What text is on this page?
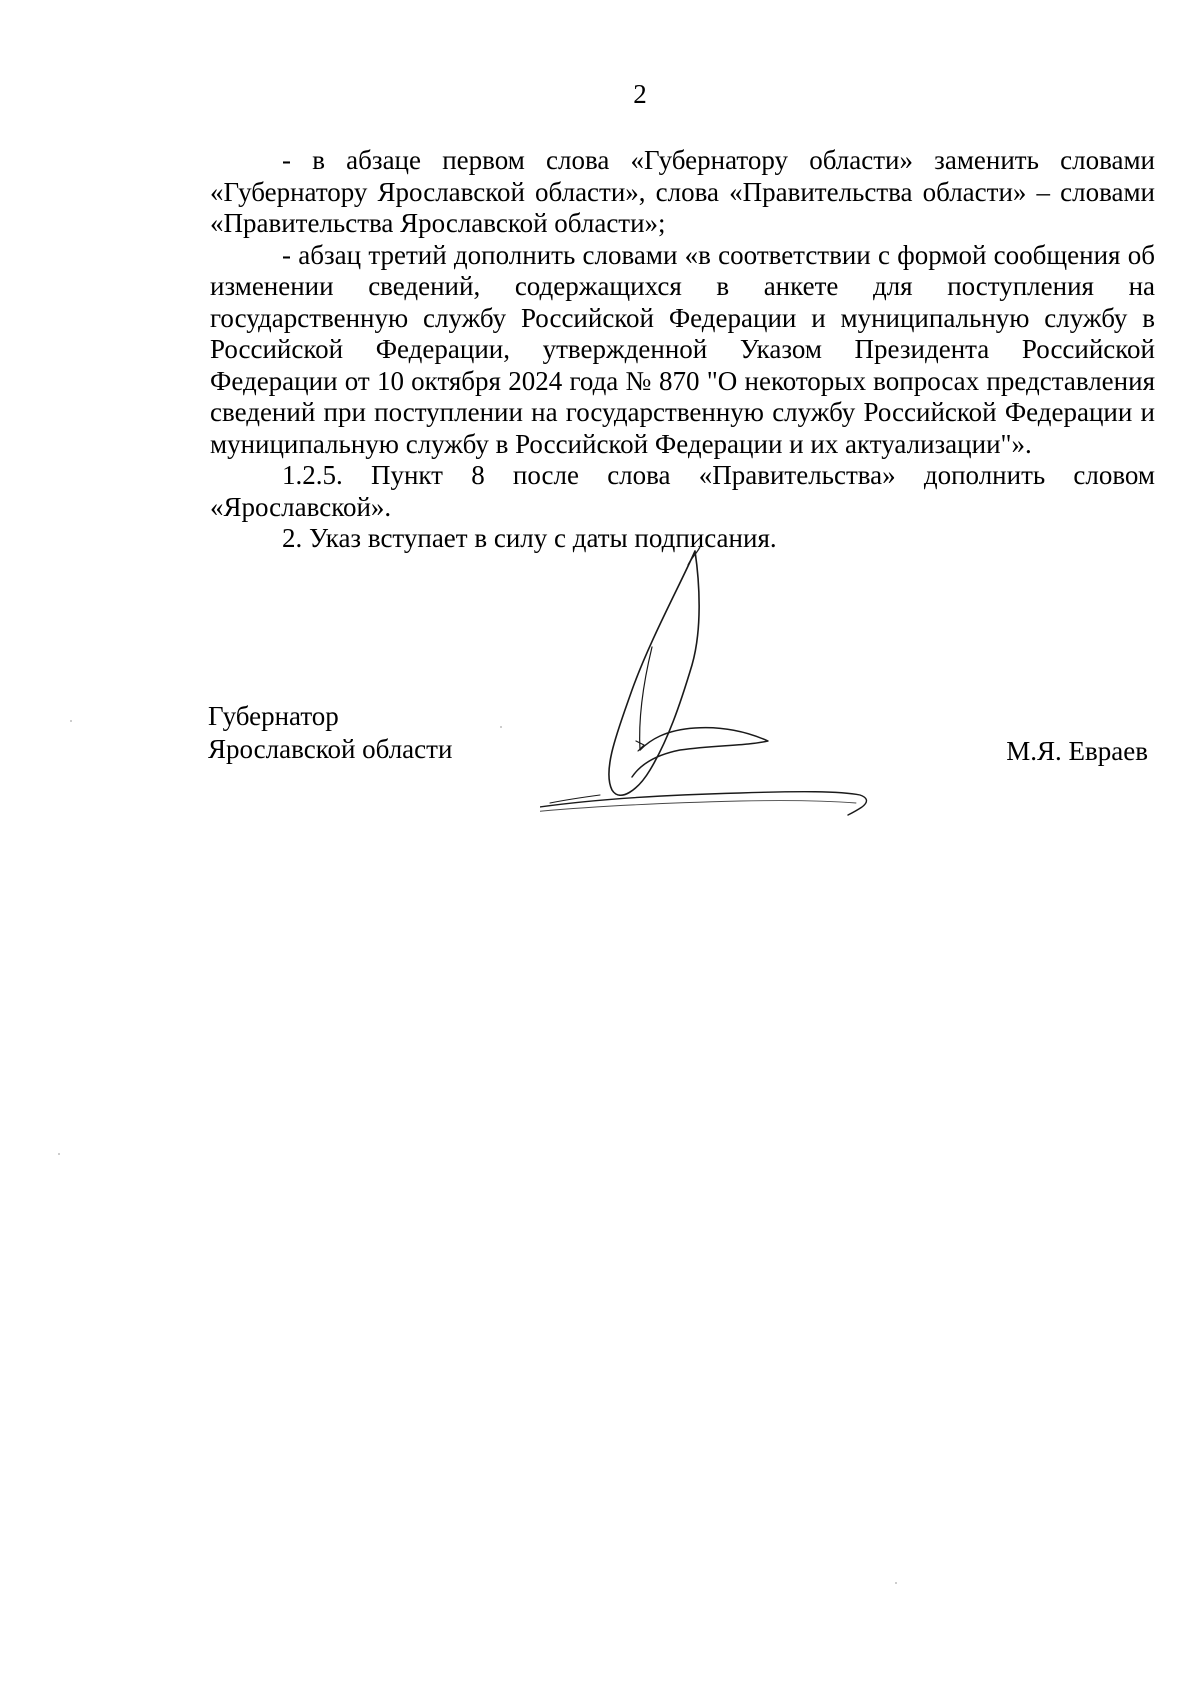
2

- в абзаце первом слова «Губернатору области» заменить словами «Губернатору Ярославской области», слова «Правительства области» – словами «Правительства Ярославской области»;

- абзац третий дополнить словами «в соответствии с формой сообщения об изменении сведений, содержащихся в анкете для поступления на государственную службу Российской Федерации и муниципальную службу в Российской Федерации, утвержденной Указом Президента Российской Федерации от 10 октября 2024 года № 870 "О некоторых вопросах представления сведений при поступлении на государственную службу Российской Федерации и муниципальную службу в Российской Федерации и их актуализации"».

1.2.5. Пункт 8 после слова «Правительства» дополнить словом «Ярославской».

2. Указ вступает в силу с даты подписания.

Губернатор
Ярославской области	М.Я. Евраев
